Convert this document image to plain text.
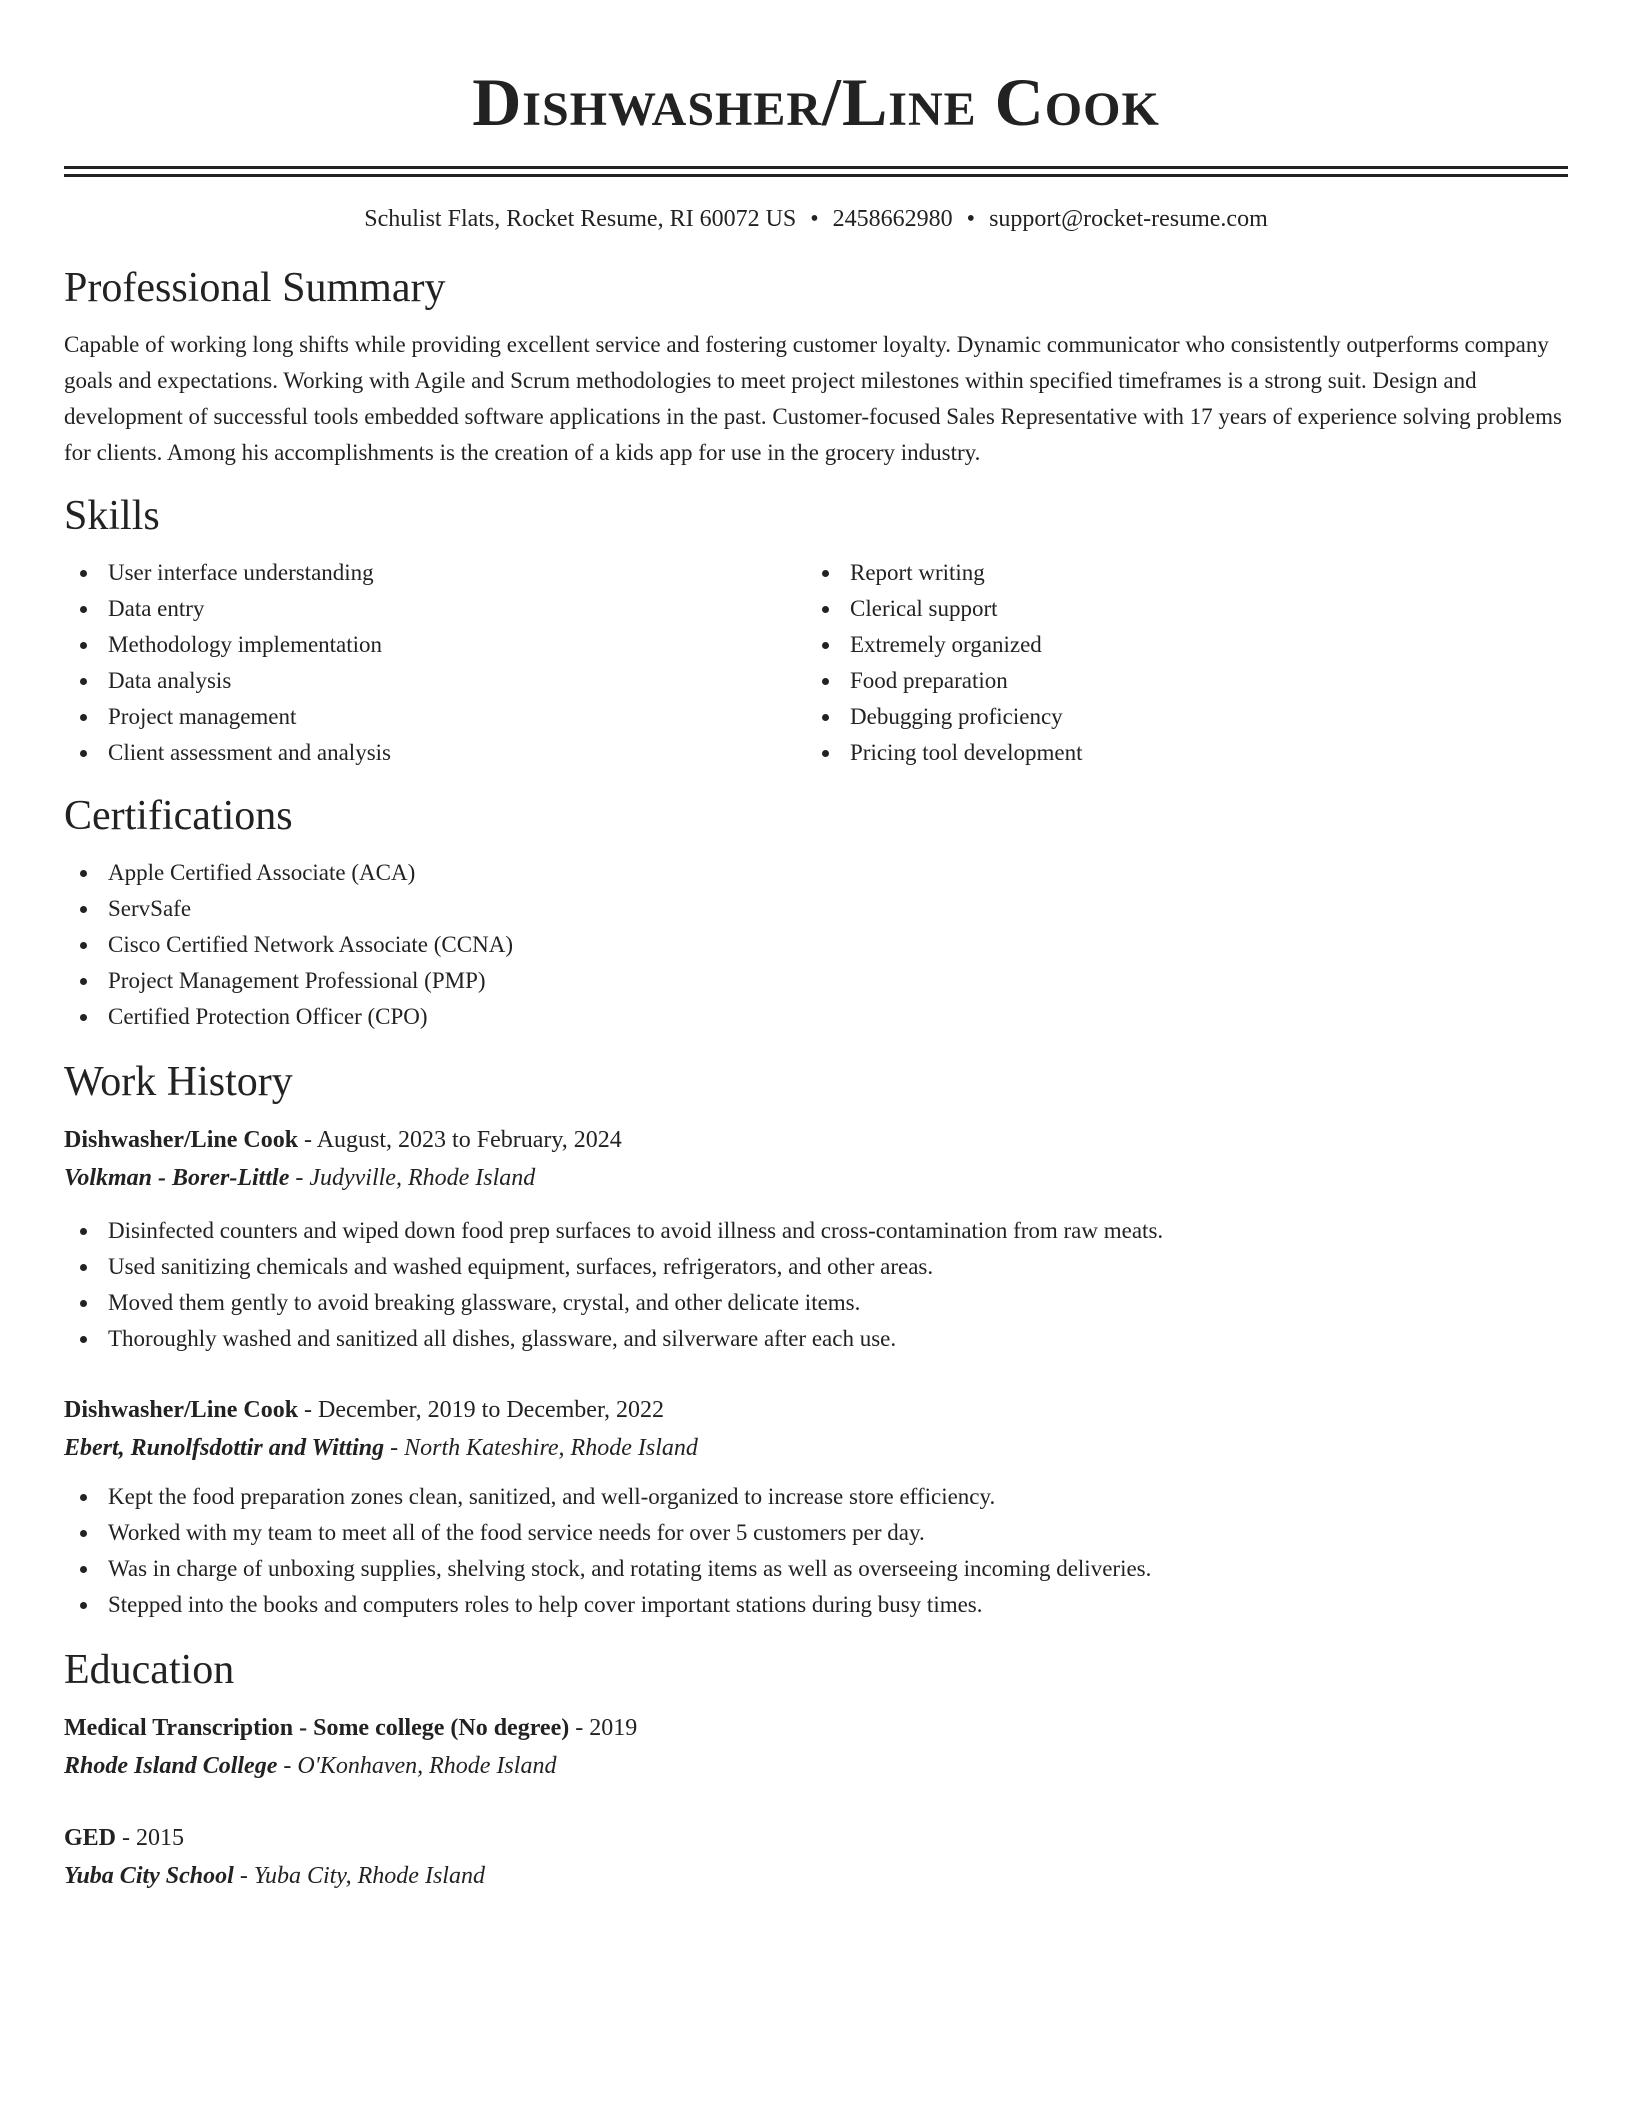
Dishwasher/Line Cook
Schulist Flats, Rocket Resume, RI 60072 US • 2458662980 • support@rocket-resume.com
Professional Summary

Capable of working long shifts while providing excellent service and fostering customer loyalty. Dynamic communicator who consistently outperforms company goals and expectations. Working with Agile and Scrum methodologies to meet project milestones within specified timeframes is a strong suit. Design and development of successful tools embedded software applications in the past. Customer-focused Sales Representative with 17 years of experience solving problems for clients. Among his accomplishments is the creation of a kids app for use in the grocery industry.

Skills
User interface understanding
Data entry
Methodology implementation
Data analysis
Project management
Client assessment and analysis
Report writing
Clerical support
Extremely organized
Food preparation
Debugging proficiency
Pricing tool development
Certifications
Apple Certified Associate (ACA)
ServSafe
Cisco Certified Network Associate (CCNA)
Project Management Professional (PMP)
Certified Protection Officer (CPO)
Work History
Dishwasher/Line Cook - August, 2023 to February, 2024
Volkman - Borer-Little - Judyville, Rhode Island
Disinfected counters and wiped down food prep surfaces to avoid illness and cross-contamination from raw meats.
Used sanitizing chemicals and washed equipment, surfaces, refrigerators, and other areas.
Moved them gently to avoid breaking glassware, crystal, and other delicate items.
Thoroughly washed and sanitized all dishes, glassware, and silverware after each use.
Dishwasher/Line Cook - December, 2019 to December, 2022
Ebert, Runolfsdottir and Witting - North Kateshire, Rhode Island
Kept the food preparation zones clean, sanitized, and well-organized to increase store efficiency.
Worked with my team to meet all of the food service needs for over 5 customers per day.
Was in charge of unboxing supplies, shelving stock, and rotating items as well as overseeing incoming deliveries.
Stepped into the books and computers roles to help cover important stations during busy times.
Education
Medical Transcription - Some college (No degree) - 2019
Rhode Island College - O'Konhaven, Rhode Island
GED - 2015
Yuba City School - Yuba City, Rhode Island
